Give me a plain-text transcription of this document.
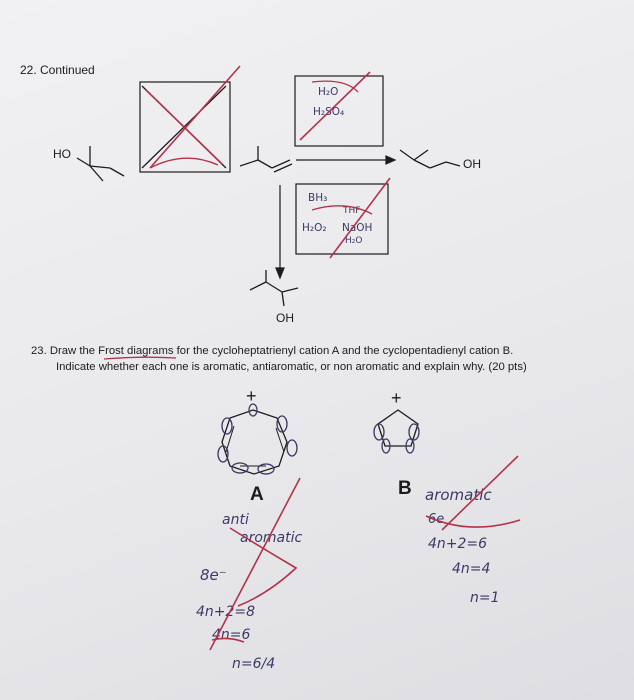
22. Continued
HO
OH
OH
H₂O
H₂SO₄
BH₃
THF
H₂O₂ NaOH
H₂O
23. Draw the Frost diagrams for the cycloheptatrienyl cation A and the cyclopentadienyl cation B.
Indicate whether each one is aromatic, antiaromatic, or non aromatic and explain why. (20 pts)
A	B
anti
aromatic
8e⁻
4n+2=8
4n=6
n=6/4
aromatic
6e
4n+2=6
4n=4
n=1
+	+
